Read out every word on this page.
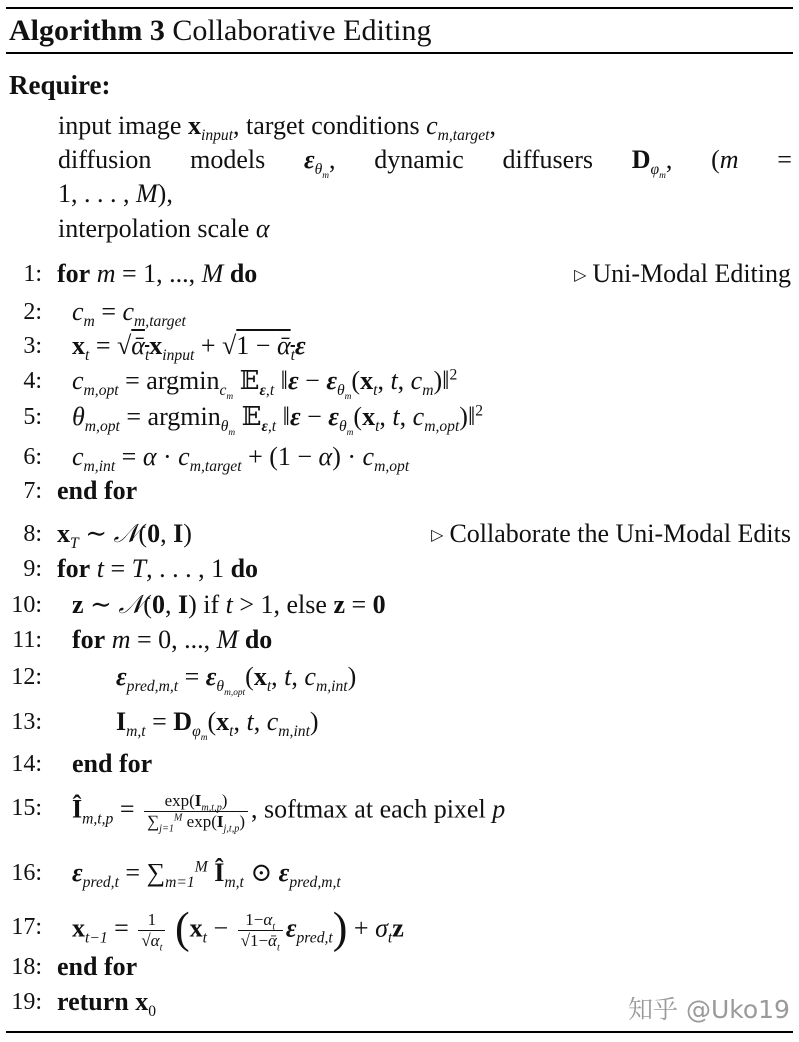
Algorithm 3 Collaborative Editing
Require:
input image $x_{input}$, target conditions $c_{m,target}$,
diffusion models $\varepsilon_{\theta_m}$, dynamic diffusers $D_{\varphi_m}$, (m =
1, . . . , M),
interpolation scale α
1: for m = 1, ..., M do	▷ Uni-Modal Editing
2: $c_m = c_{m,target}$
3: $x_t$ = $√ᾱ_tx_{input} + √1$ − ᾱ$_t$ε
4: $c_{m,opt} = argmin_{c_m}$ 𝔼$_{\varepsilon,t}$ ‖ε − $\varepsilon_{\theta_m}(x_t$, t, $c_m)‖^2$
5: $\theta_{m,opt} = argmin_{\theta_m}$ 𝔼$_{\varepsilon,t}$ ‖ε − $\varepsilon_{\theta_m}(x_t$, t, $c_{m,opt})‖^2$
6: $c_{m,int} = \alpha \cdot c_{m,target} + (1 - \alpha) \cdot c_{m,opt}$
7: end for
8: $x_T$ ∼ 𝒩(0, I)	▷ Collaborate the Uni-Modal Edits
9: for t = T, . . . , 1 do
10: z ∼ 𝒩(0, I) if t > 1, else z = 0
11: for m = 0, ..., M do
12:	$\varepsilon_{pred,m,t} = \varepsilon_{\theta_{m,opt}}(x_t$, t, $c_{m,int}$)
13:	$I_{m,t} = D_{\varphi_m}(x_t$, t, $c_{m,int}$)
14: end for
15: $Î_{m,t,p} = \frac{\exp(I_{m,t,p})}{\sum_{j=1}^M \exp(I_{j,t,p})}$ , softmax at each pixel p
16: $\varepsilon_{pred,t} = \sum_{m=1}^M$ $Î_{m,t}$ ⊙ $\varepsilon_{pred,m,t}$
17: $x_{t-1} = \frac{1}{√\alpha_t} (x_t - \frac{1-\alpha_t}{√1-ᾱ_t} \varepsilon_{pred,t}) + \sigma_tz$
18: end for
19: return $x_0$	知乎 @Uko19
